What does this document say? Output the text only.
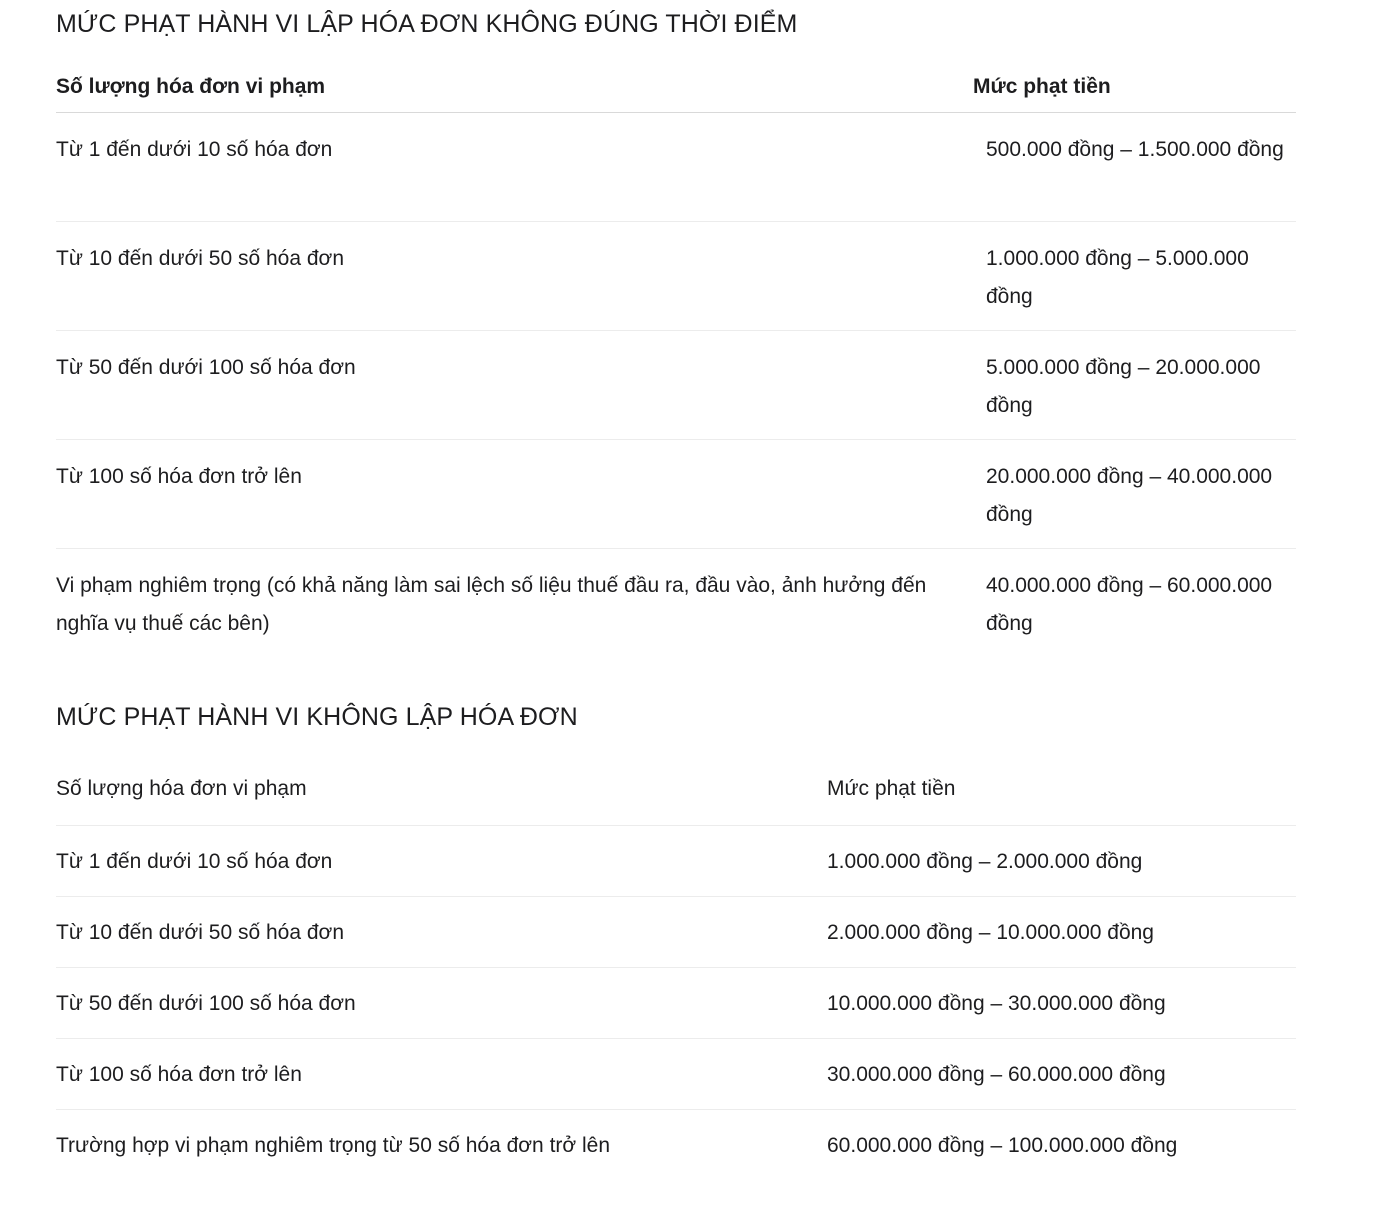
MỨC PHẠT HÀNH VI LẬP HÓA ĐƠN KHÔNG ĐÚNG THỜI ĐIỂM
Số lượng hóa đơn vi phạm	Mức phạt tiền
Từ 1 đến dưới 10 số hóa đơn	500.000 đồng – 1.500.000 đồng
Từ 10 đến dưới 50 số hóa đơn	1.000.000 đồng – 5.000.000 đồng
Từ 50 đến dưới 100 số hóa đơn	5.000.000 đồng – 20.000.000 đồng
Từ 100 số hóa đơn trở lên	20.000.000 đồng – 40.000.000 đồng
Vi phạm nghiêm trọng (có khả năng làm sai lệch số liệu thuế đầu ra, đầu vào, ảnh hưởng đến nghĩa vụ thuế các bên)	40.000.000 đồng – 60.000.000 đồng
MỨC PHẠT HÀNH VI KHÔNG LẬP HÓA ĐƠN
Số lượng hóa đơn vi phạm	Mức phạt tiền
Từ 1 đến dưới 10 số hóa đơn	1.000.000 đồng – 2.000.000 đồng
Từ 10 đến dưới 50 số hóa đơn	2.000.000 đồng – 10.000.000 đồng
Từ 50 đến dưới 100 số hóa đơn	10.000.000 đồng – 30.000.000 đồng
Từ 100 số hóa đơn trở lên	30.000.000 đồng – 60.000.000 đồng
Trường hợp vi phạm nghiêm trọng từ 50 số hóa đơn trở lên	60.000.000 đồng – 100.000.000 đồng
